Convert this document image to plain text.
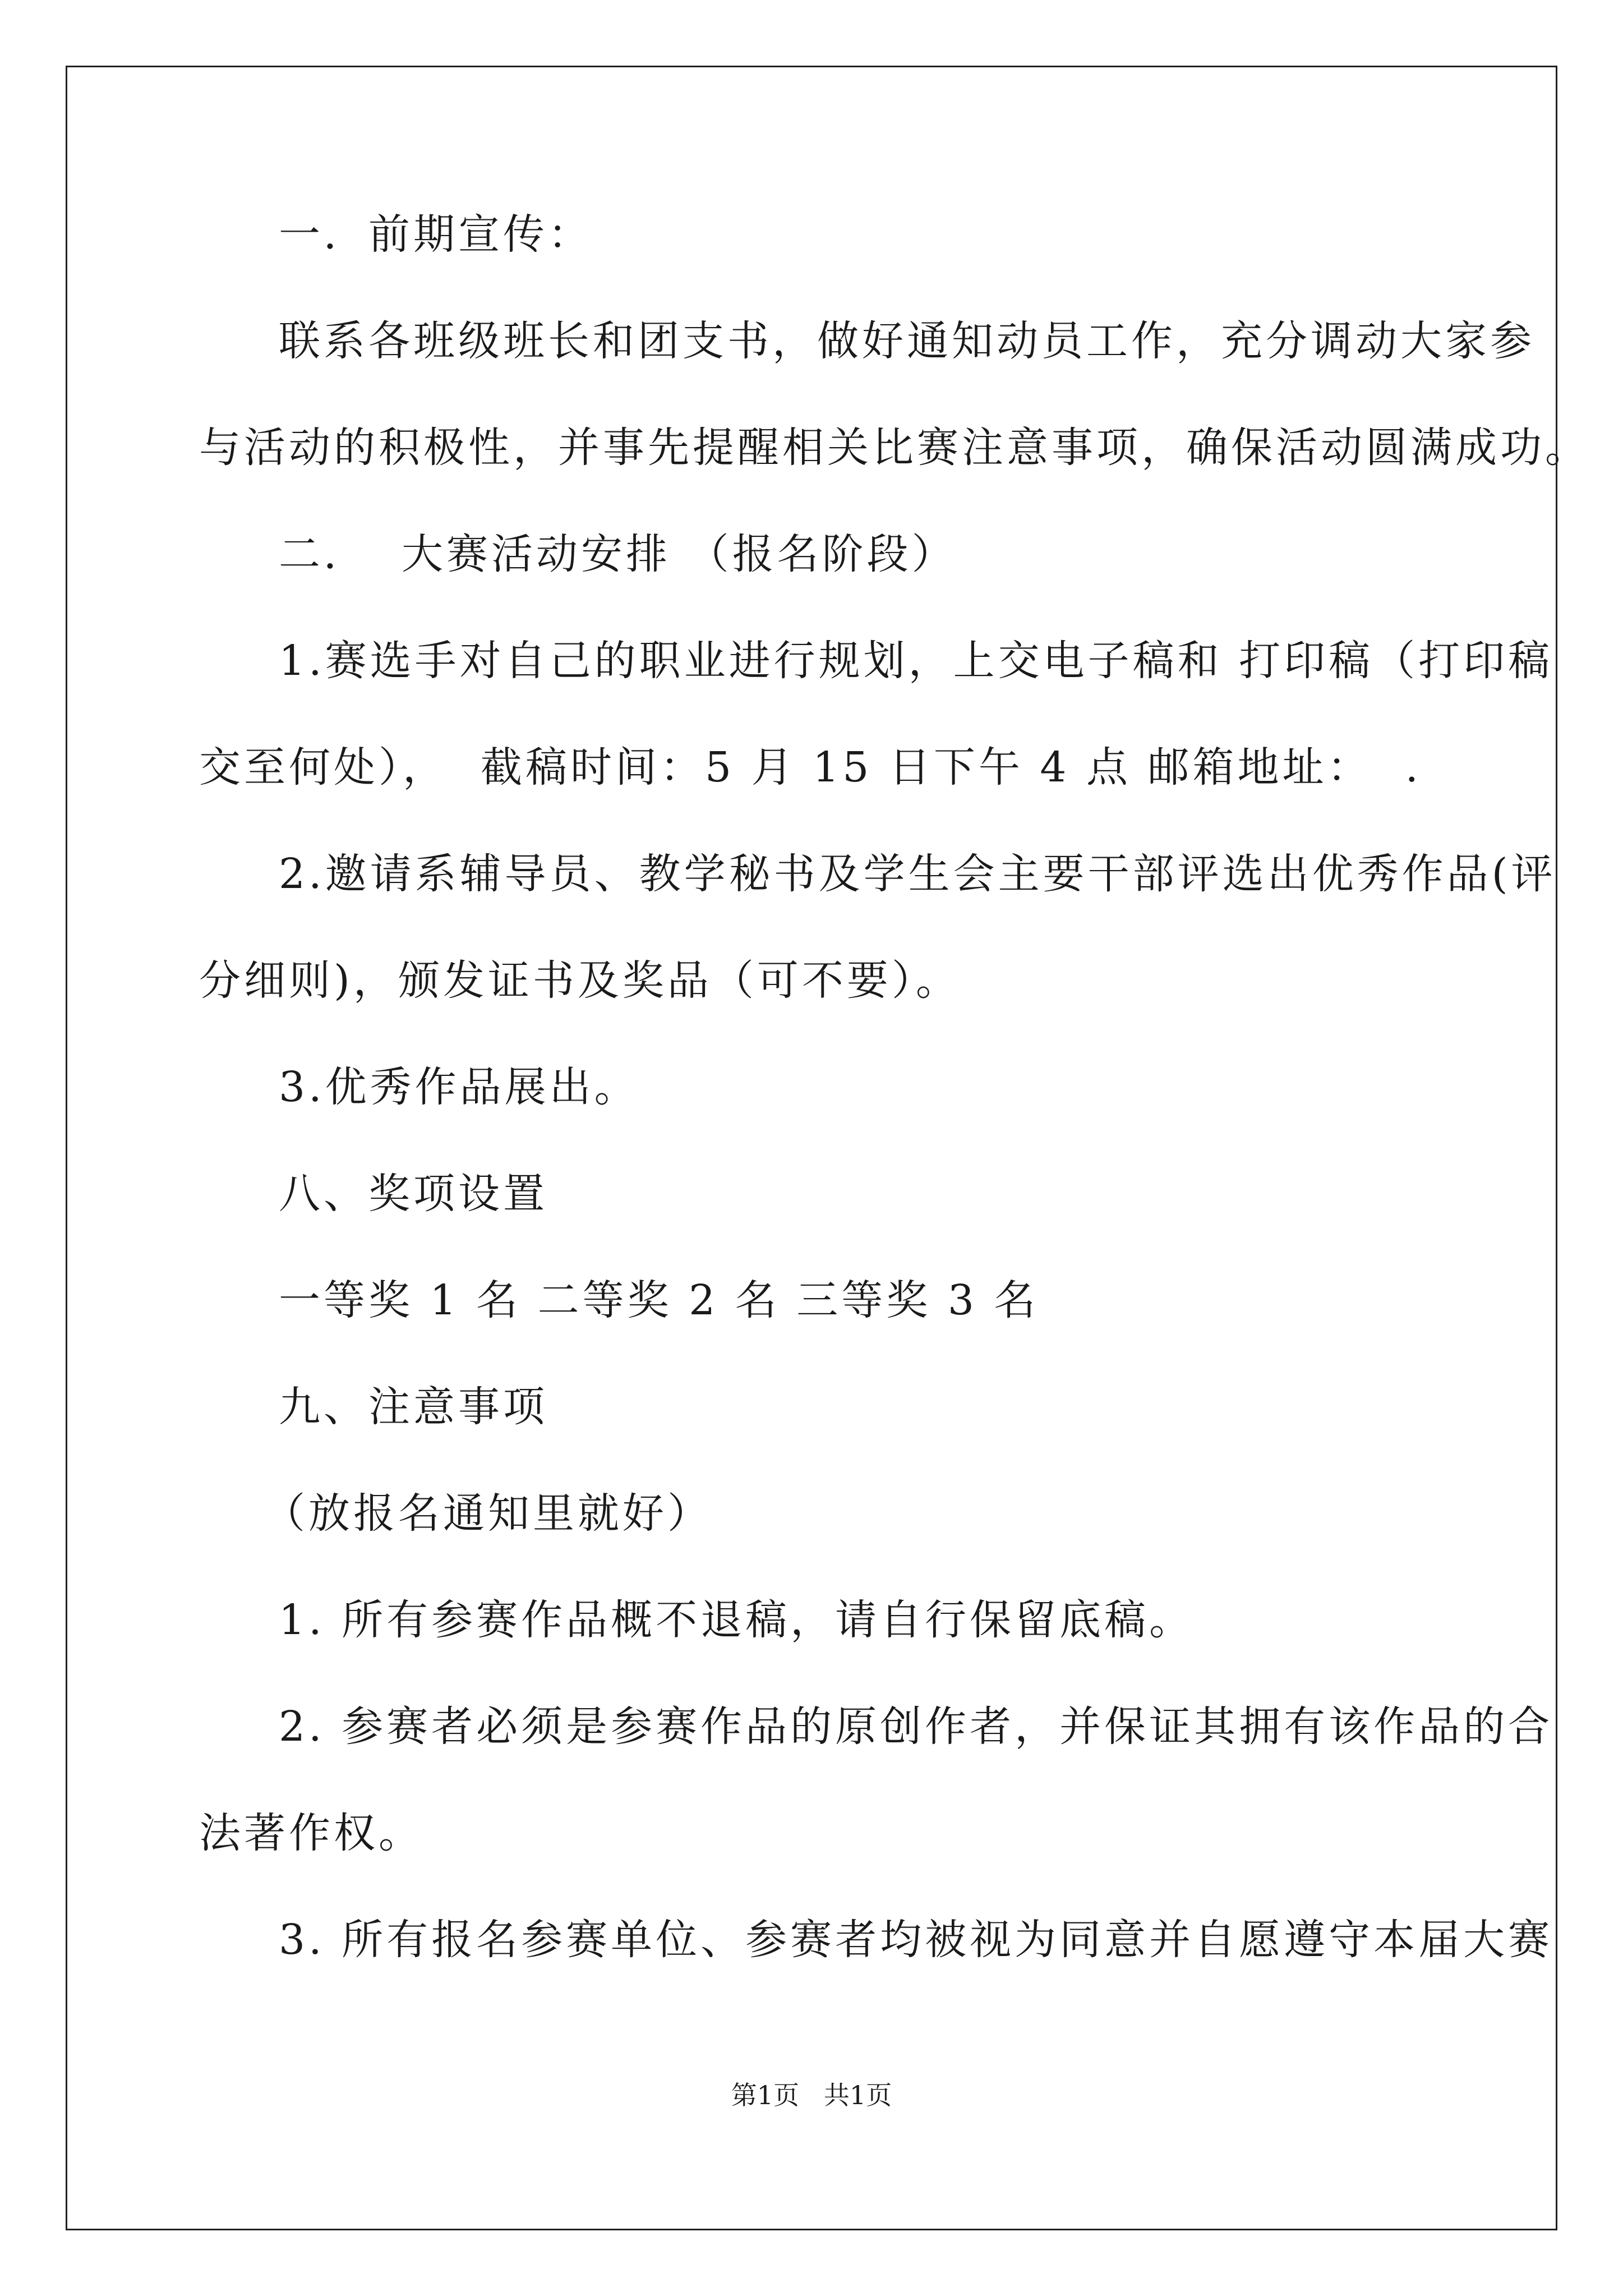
一．前期宣传：
联系各班级班长和团支书，做好通知动员工作，充分调动大家参
与活动的积极性，并事先提醒相关比赛注意事项，确保活动圆满成功。
二．  大赛活动安排 （报名阶段）
1.赛选手对自己的职业进行规划，上交电子稿和 打印稿（打印稿
交至何处），  截稿时间：5 月 15 日下午 4 点 邮箱地址：  .
2.邀请系辅导员、教学秘书及学生会主要干部评选出优秀作品(评
分细则)，颁发证书及奖品（可不要）。
3.优秀作品展出。
八、奖项设置
一等奖 1 名 二等奖 2 名 三等奖 3 名
九、注意事项
（放报名通知里就好）
1. 所有参赛作品概不退稿，请自行保留底稿。
2. 参赛者必须是参赛作品的原创作者，并保证其拥有该作品的合
法著作权。
3. 所有报名参赛单位、参赛者均被视为同意并自愿遵守本届大赛
第1页   共1页
